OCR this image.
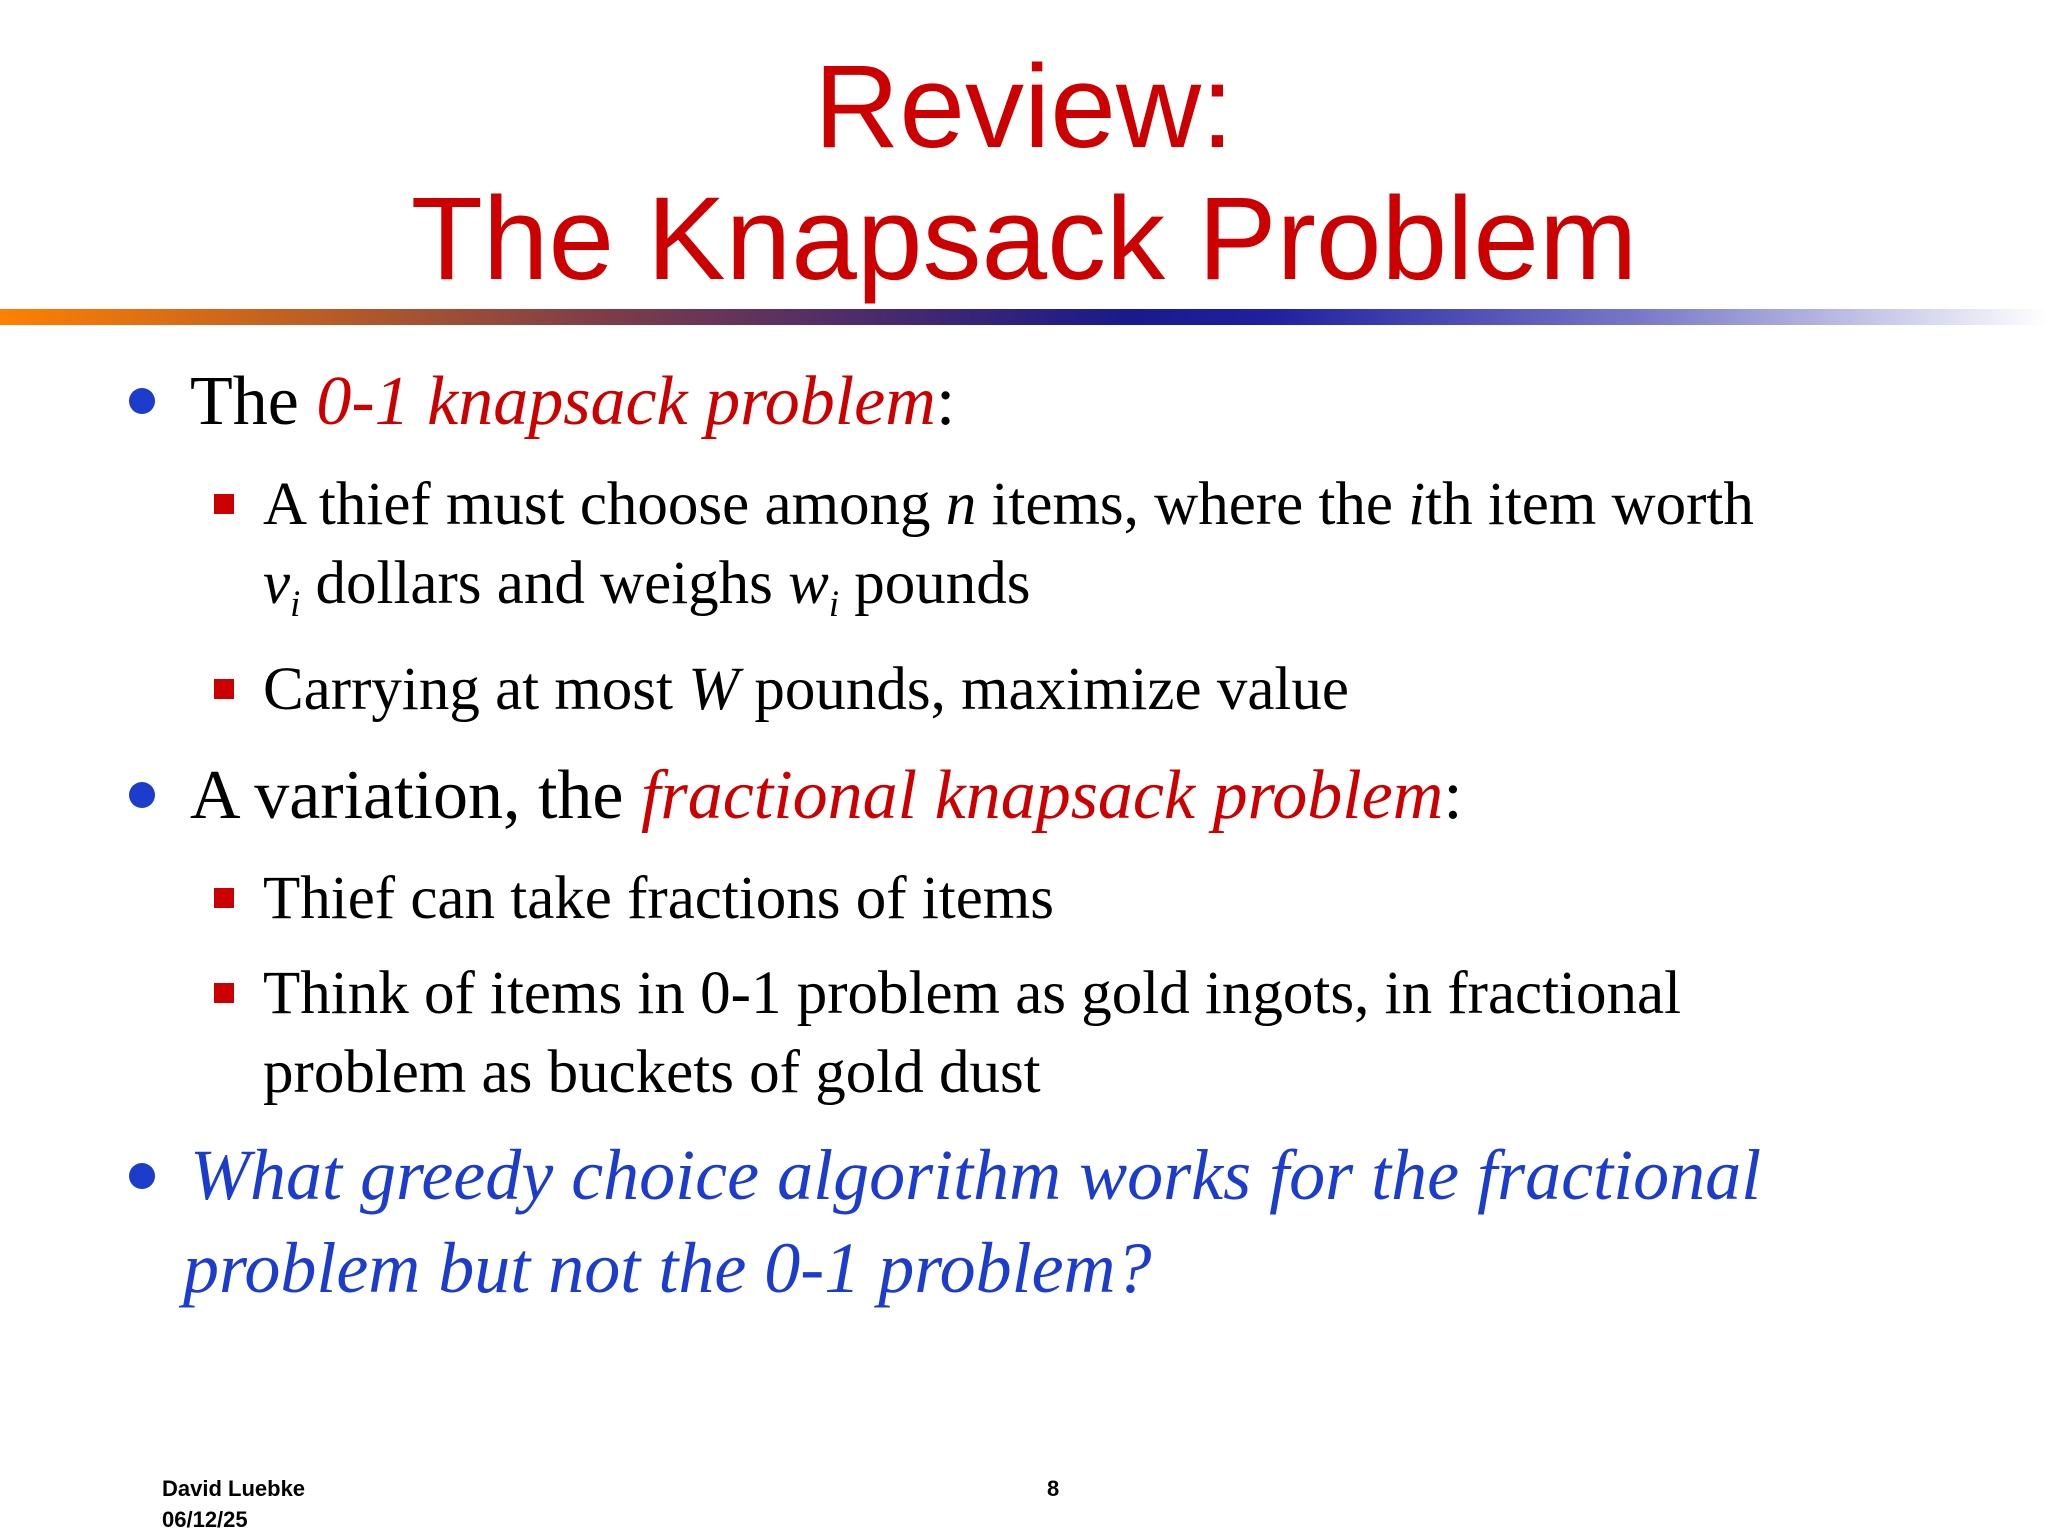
Review:
The Knapsack Problem
The 0-1 knapsack problem:
A thief must choose among n items, where the ith item worth
$v_i$ dollars and weighs $w_i$ pounds
Carrying at most W pounds, maximize value
A variation, the fractional knapsack problem:
Thief can take fractions of items
Think of items in 0-1 problem as gold ingots, in fractional
problem as buckets of gold dust
What greedy choice algorithm works for the fractional
problem but not the 0-1 problem?
David Luebke
06/12/25
8
